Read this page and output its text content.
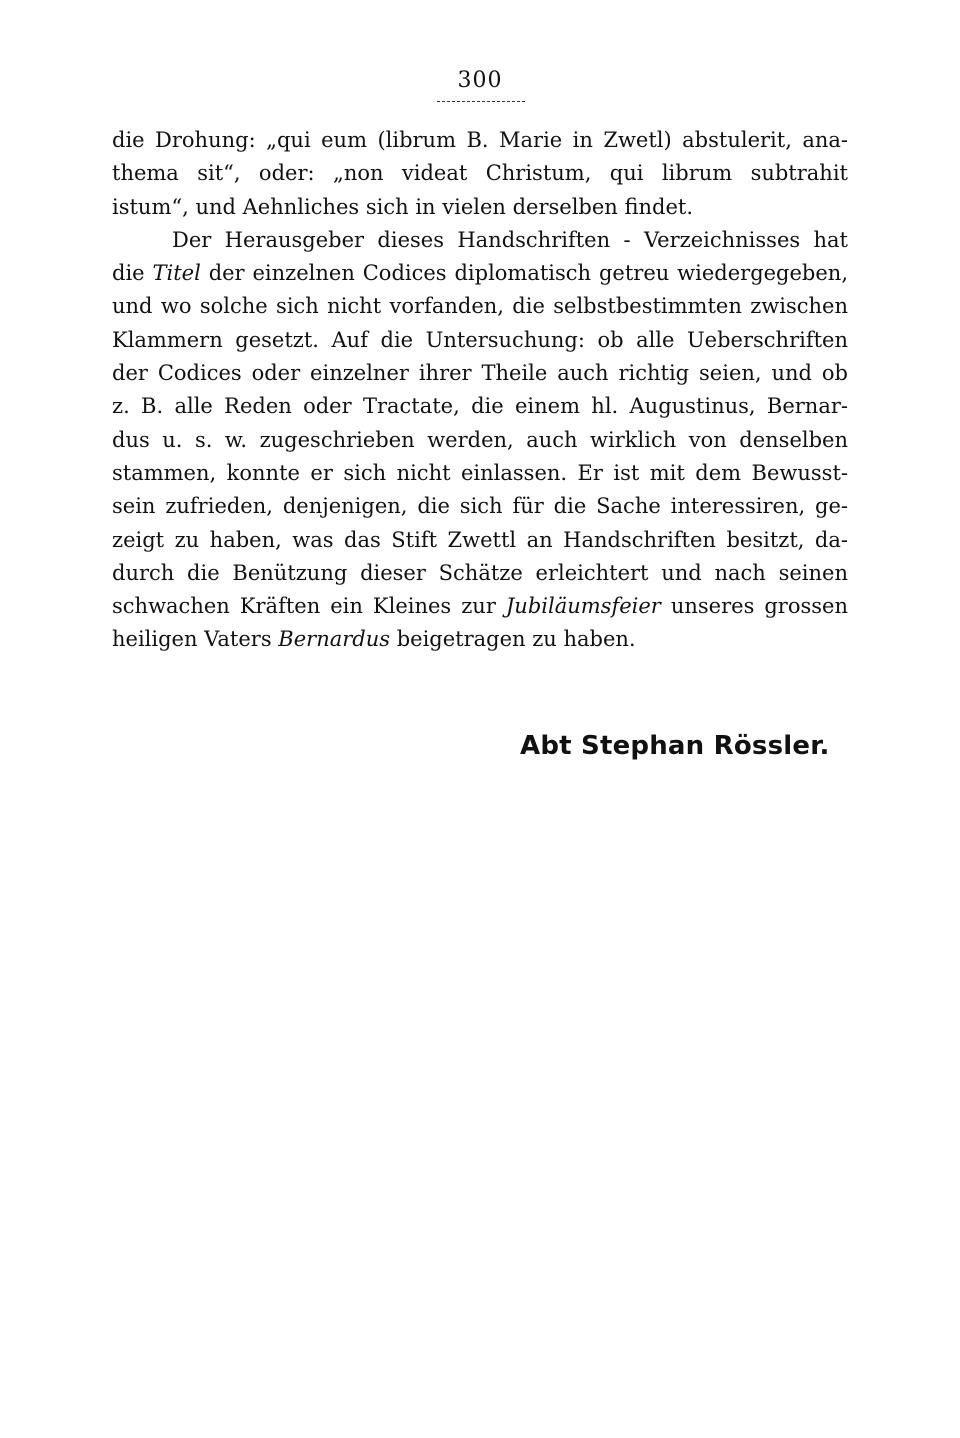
300

die Drohung: „qui eum (librum B. Marie in Zwetl) abstulerit, ana-
thema sit“, oder: „non videat Christum, qui librum subtrahit
istum“, und Aehnliches sich in vielen derselben findet.

Der Herausgeber dieses Handschriften - Verzeichnisses hat
die Titel der einzelnen Codices diplomatisch getreu wiedergegeben,
und wo solche sich nicht vorfanden, die selbstbestimmten zwischen
Klammern gesetzt. Auf die Untersuchung: ob alle Ueberschriften
der Codices oder einzelner ihrer Theile auch richtig seien, und ob
z. B. alle Reden oder Tractate, die einem hl. Augustinus, Bernar-
dus u. s. w. zugeschrieben werden, auch wirklich von denselben
stammen, konnte er sich nicht einlassen. Er ist mit dem Bewusst-
sein zufrieden, denjenigen, die sich für die Sache interessiren, ge-
zeigt zu haben, was das Stift Zwettl an Handschriften besitzt, da-
durch die Benützung dieser Schätze erleichtert und nach seinen
schwachen Kräften ein Kleines zur Jubiläumsfeier unseres grossen
heiligen Vaters Bernardus beigetragen zu haben.

Abt Stephan Rössler.
